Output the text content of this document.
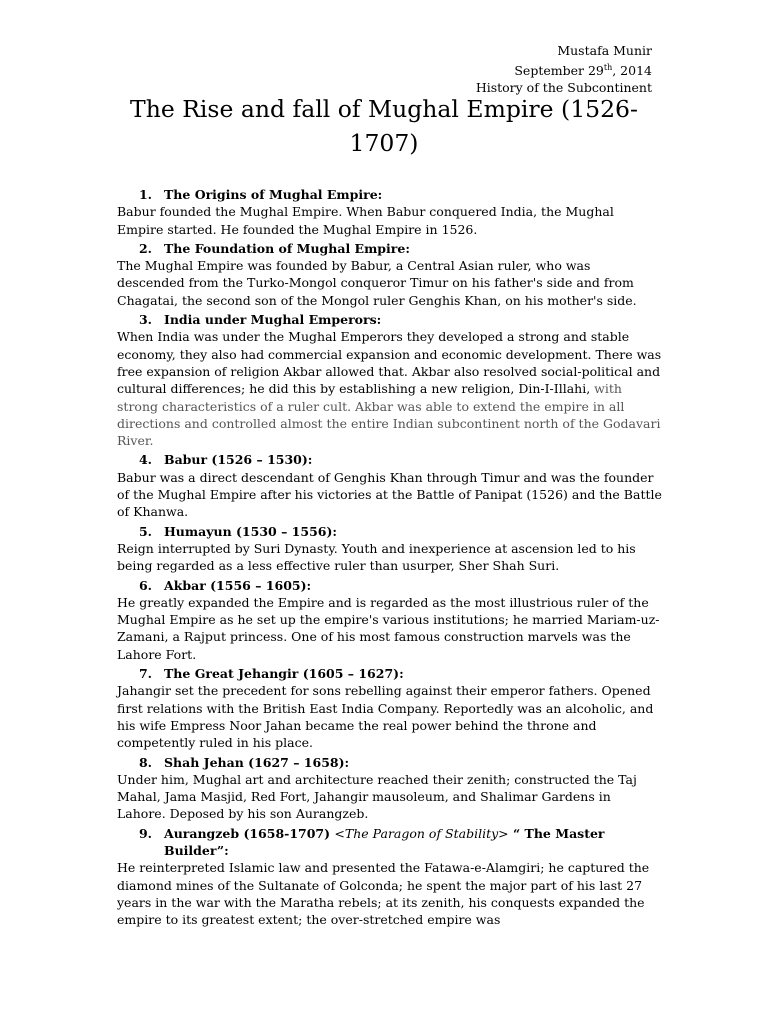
Mustafa Munir
September 29th, 2014
History of the Subcontinent
The Rise and fall of Mughal Empire (1526-1707)
1. The Origins of Mughal Empire:

Babur founded the Mughal Empire. When Babur conquered India, the Mughal Empire started. He founded the Mughal Empire in 1526.

2. The Foundation of Mughal Empire:

The Mughal Empire was founded by Babur, a Central Asian ruler, who was descended from the Turko-Mongol conqueror Timur on his father's side and from Chagatai, the second son of the Mongol ruler Genghis Khan, on his mother's side.

3. India under Mughal Emperors:

When India was under the Mughal Emperors they developed a strong and stable economy, they also had commercial expansion and economic development. There was free expansion of religion Akbar allowed that. Akbar also resolved social-political and cultural differences; he did this by establishing a new religion, Din-I-Illahi, with strong characteristics of a ruler cult. Akbar was able to extend the empire in all directions and controlled almost the entire Indian subcontinent north of the Godavari River.

4. Babur (1526 – 1530):

Babur was a direct descendant of Genghis Khan through Timur and was the founder of the Mughal Empire after his victories at the Battle of Panipat (1526) and the Battle of Khanwa.

5. Humayun (1530 – 1556):

Reign interrupted by Suri Dynasty. Youth and inexperience at ascension led to his being regarded as a less effective ruler than usurper, Sher Shah Suri.

6. Akbar (1556 – 1605):

He greatly expanded the Empire and is regarded as the most illustrious ruler of the Mughal Empire as he set up the empire's various institutions; he married Mariam-uz-Zamani, a Rajput princess. One of his most famous construction marvels was the Lahore Fort.

7. The Great Jehangir (1605 – 1627):

Jahangir set the precedent for sons rebelling against their emperor fathers. Opened first relations with the British East India Company. Reportedly was an alcoholic, and his wife Empress Noor Jahan became the real power behind the throne and competently ruled in his place.

8. Shah Jehan (1627 – 1658):

Under him, Mughal art and architecture reached their zenith; constructed the Taj Mahal, Jama Masjid, Red Fort, Jahangir mausoleum, and Shalimar Gardens in Lahore. Deposed by his son Aurangzeb.

9. Aurangzeb (1658-1707) <The Paragon of Stability> “ The Master Builder”:

He reinterpreted Islamic law and presented the Fatawa-e-Alamgiri; he captured the diamond mines of the Sultanate of Golconda; he spent the major part of his last 27 years in the war with the Maratha rebels; at its zenith, his conquests expanded the empire to its greatest extent; the over-stretched empire was
